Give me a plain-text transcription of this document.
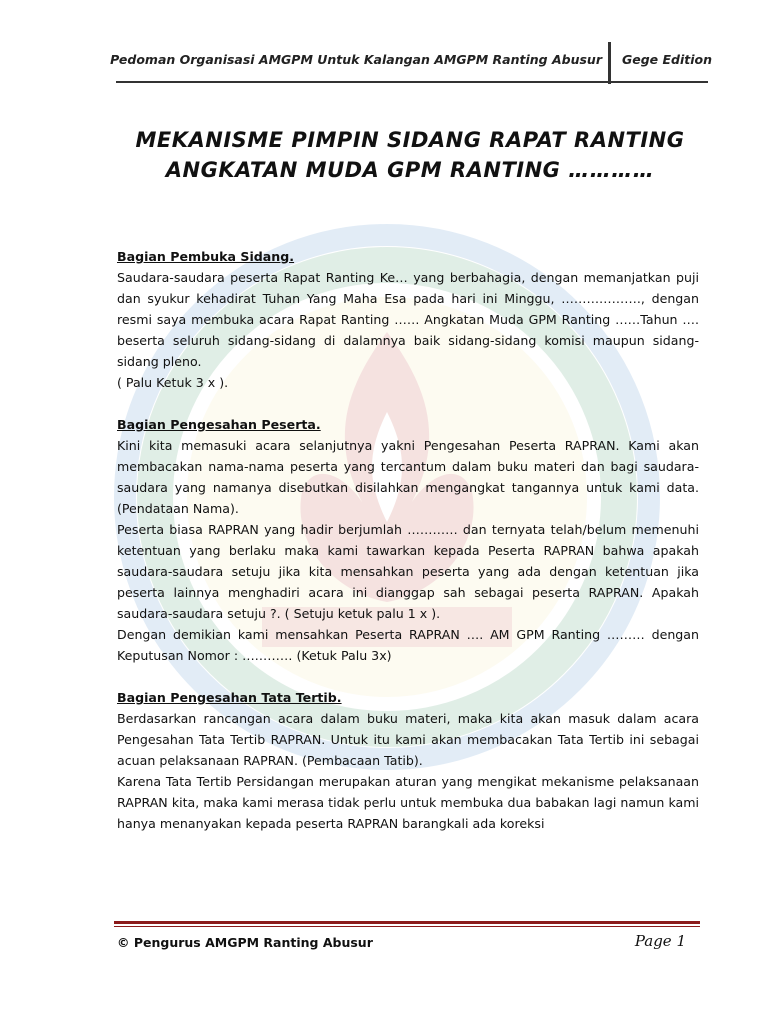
Pedoman Organisasi AMGPM Untuk Kalangan AMGPM Ranting Abusur Gege Edition
MEKANISME PIMPIN SIDANG RAPAT RANTING
ANGKATAN MUDA GPM RANTING …………

Bagian Pembuka Sidang.

Saudara-saudara peserta Rapat Ranting Ke… yang berbahagia, dengan memanjatkan puji dan syukur kehadirat Tuhan Yang Maha Esa pada hari ini Minggu, ………………., dengan resmi saya membuka acara Rapat Ranting …… Angkatan Muda GPM Ranting ……Tahun …. beserta seluruh sidang-sidang di dalamnya baik sidang-sidang komisi maupun sidang-sidang pleno.

( Palu Ketuk 3 x ).

Bagian Pengesahan Peserta.

Kini kita memasuki acara selanjutnya yakni Pengesahan Peserta RAPRAN. Kami akan membacakan nama-nama peserta yang tercantum dalam buku materi dan bagi saudara-saudara yang namanya disebutkan disilahkan mengangkat tangannya untuk kami data. (Pendataan Nama).

Peserta biasa RAPRAN yang hadir berjumlah ………… dan ternyata telah/belum memenuhi ketentuan yang berlaku maka kami tawarkan kepada Peserta RAPRAN bahwa apakah saudara-saudara setuju jika kita mensahkan peserta yang ada dengan ketentuan jika peserta lainnya menghadiri acara ini dianggap sah sebagai peserta RAPRAN. Apakah saudara-saudara setuju ?. ( Setuju ketuk palu 1 x ).

Dengan demikian kami mensahkan Peserta RAPRAN …. AM GPM Ranting ……… dengan Keputusan Nomor : ………… (Ketuk Palu 3x)

Bagian Pengesahan Tata Tertib.

Berdasarkan rancangan acara dalam buku materi, maka kita akan masuk dalam acara Pengesahan Tata Tertib RAPRAN. Untuk itu kami akan membacakan Tata Tertib ini sebagai acuan pelaksanaan RAPRAN. (Pembacaan Tatib).

Karena Tata Tertib Persidangan merupakan aturan yang mengikat mekanisme pelaksanaan RAPRAN kita, maka kami merasa tidak perlu untuk membuka dua babakan lagi namun kami hanya menanyakan kepada peserta RAPRAN barangkali ada koreksi

© Pengurus AMGPM Ranting Abusur	Page 1
